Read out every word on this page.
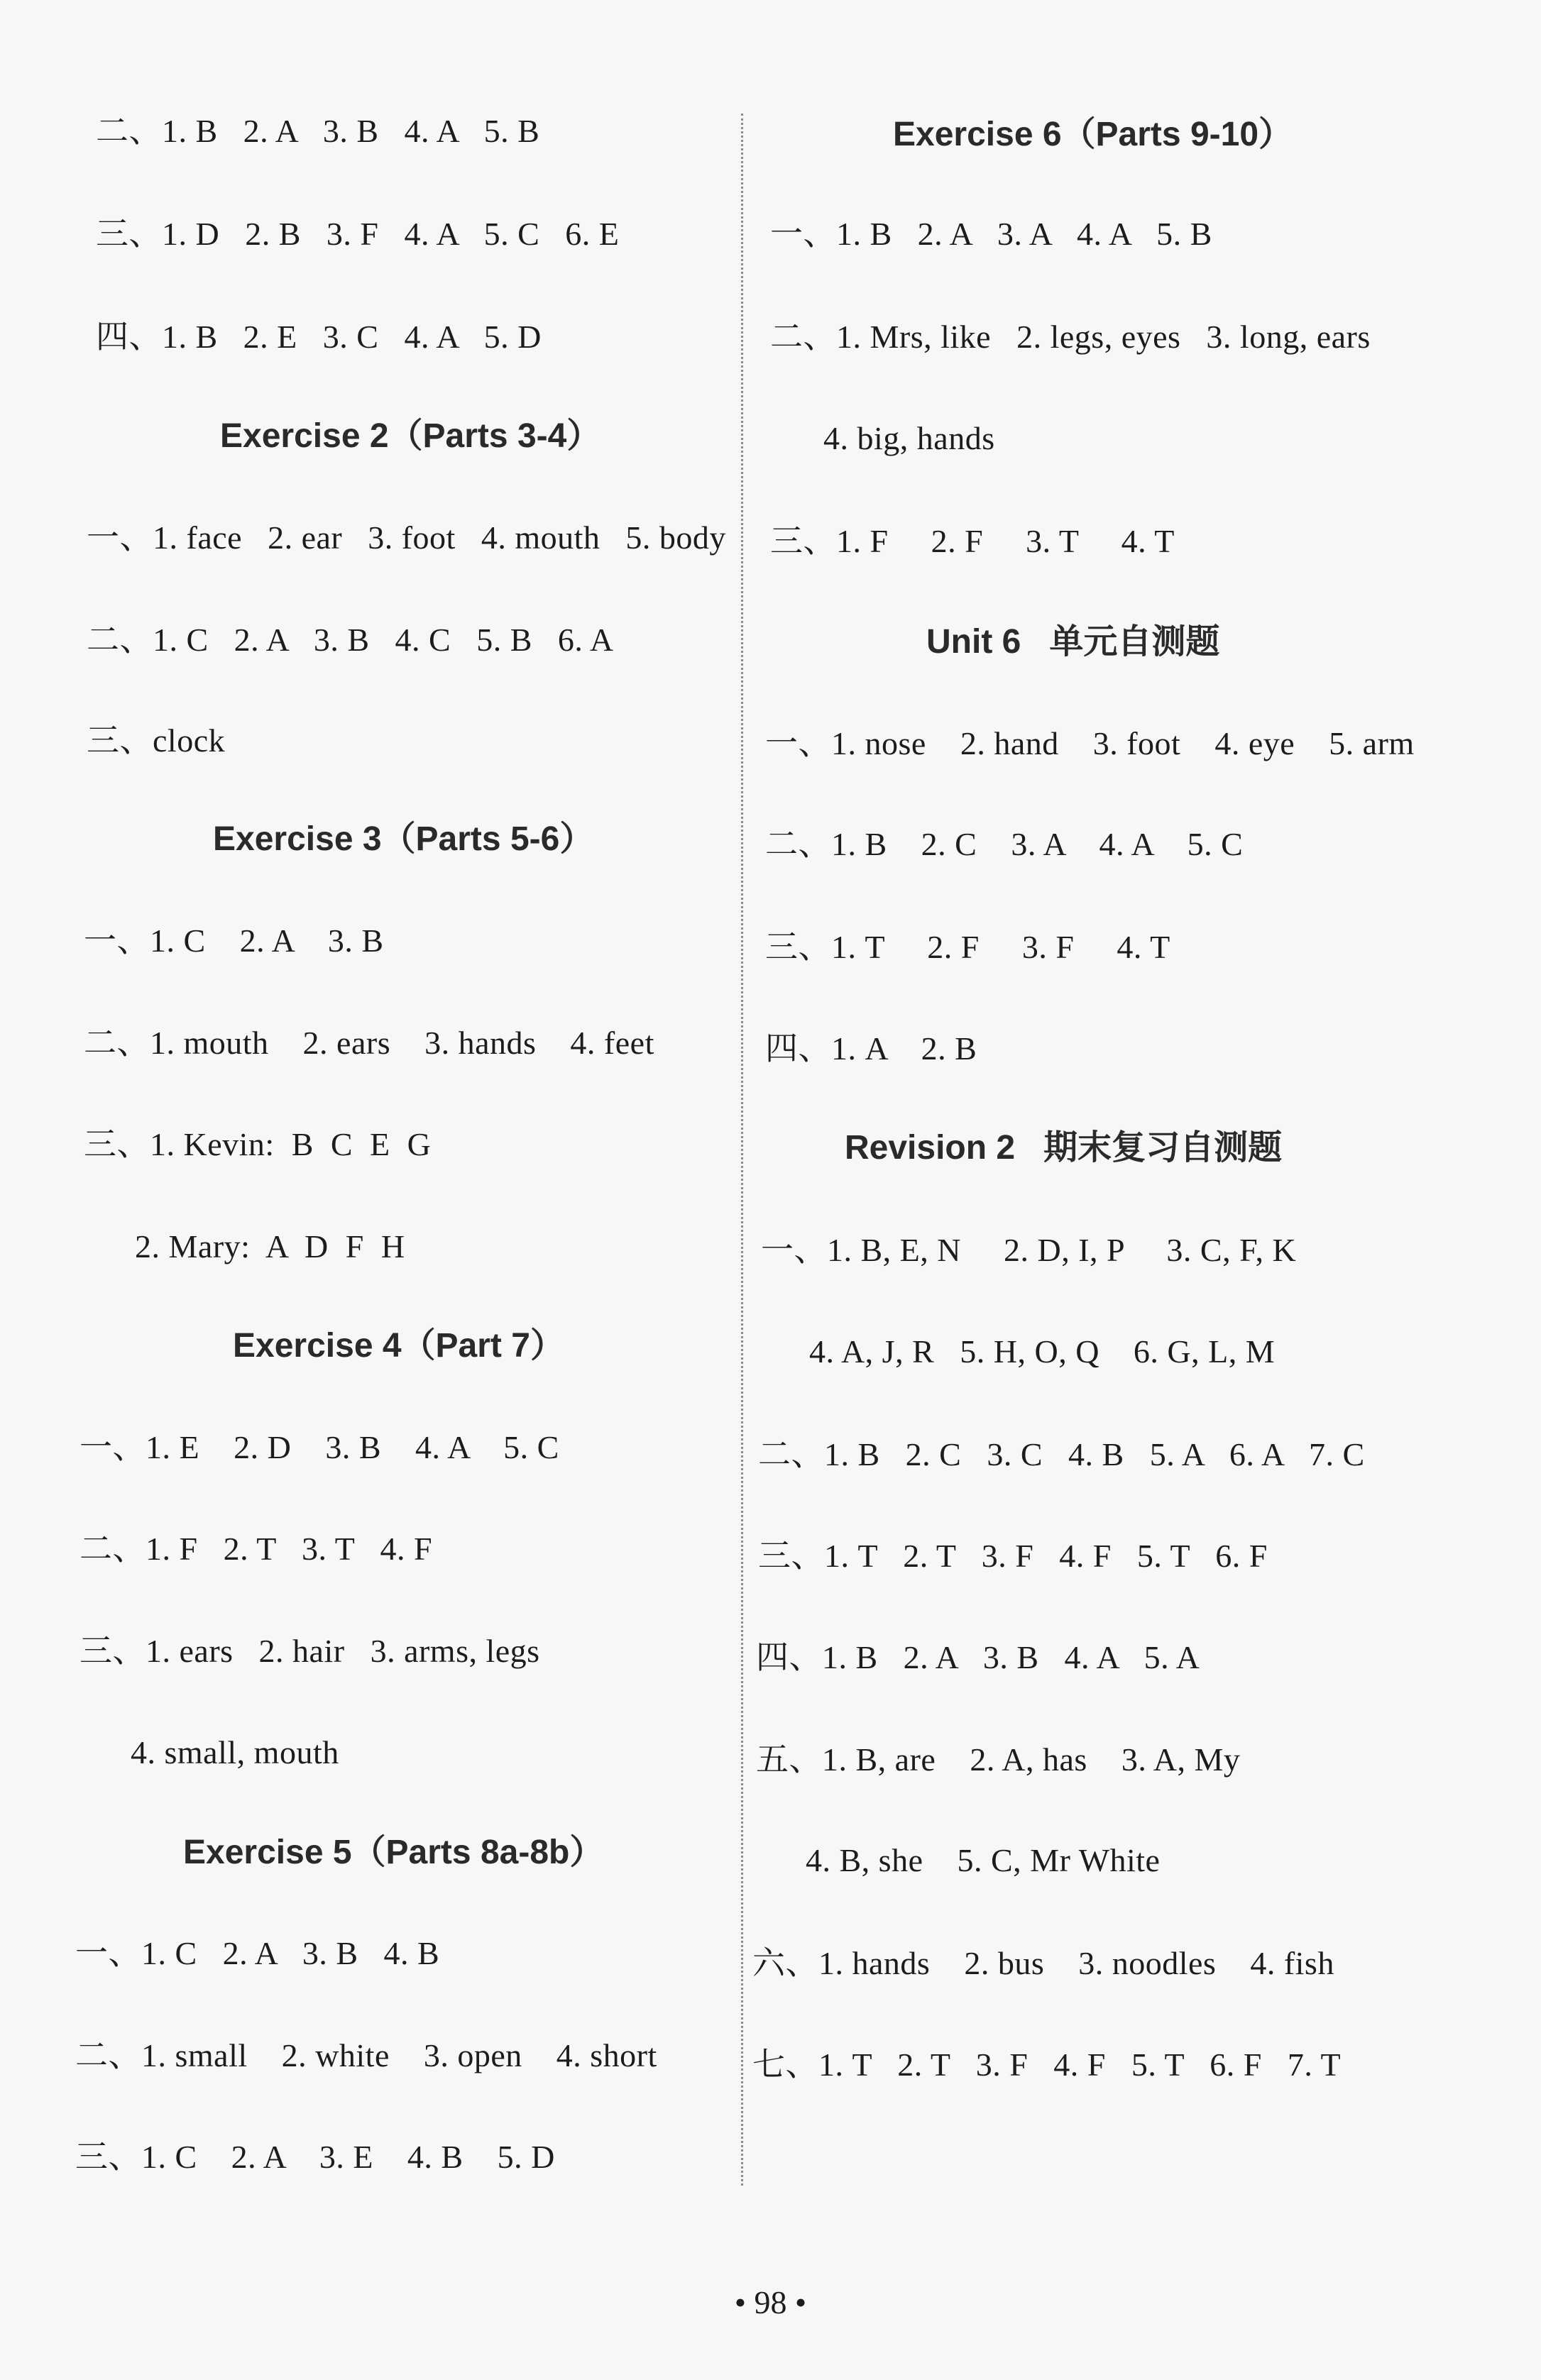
二、1. B   2. A   3. B   4. A   5. B
三、1. D   2. B   3. F   4. A   5. C   6. E
四、1. B   2. E   3. C   4. A   5. D
Exercise 2（Parts 3-4）
一、1. face   2. ear   3. foot   4. mouth   5. body
二、1. C   2. A   3. B   4. C   5. B   6. A
三、clock
Exercise 3（Parts 5-6）
一、1. C    2. A    3. B
二、1. mouth    2. ears    3. hands    4. feet
三、1. Kevin:  B  C  E  G
2. Mary:  A  D  F  H
Exercise 4（Part 7）
一、1. E    2. D    3. B    4. A    5. C
二、1. F   2. T   3. T   4. F
三、1. ears   2. hair   3. arms, legs
4. small, mouth
Exercise 5（Parts 8a-8b）
一、1. C   2. A   3. B   4. B
二、1. small    2. white    3. open    4. short
三、1. C    2. A    3. E    4. B    5. D
Exercise 6（Parts 9-10）
一、1. B   2. A   3. A   4. A   5. B
二、1. Mrs, like   2. legs, eyes   3. long, ears
4. big, hands
三、1. F     2. F     3. T     4. T
Unit 6   单元自测题
一、1. nose    2. hand    3. foot    4. eye    5. arm
二、1. B    2. C    3. A    4. A    5. C
三、1. T     2. F     3. F     4. T
四、1. A    2. B
Revision 2   期末复习自测题
一、1. B, E, N     2. D, I, P     3. C, F, K
4. A, J, R   5. H, O, Q    6. G, L, M
二、1. B   2. C   3. C   4. B   5. A   6. A   7. C
三、1. T   2. T   3. F   4. F   5. T   6. F
四、1. B   2. A   3. B   4. A   5. A
五、1. B, are    2. A, has    3. A, My
4. B, she    5. C, Mr White
六、1. hands    2. bus    3. noodles    4. fish
七、1. T   2. T   3. F   4. F   5. T   6. F   7. T
• 98 •
